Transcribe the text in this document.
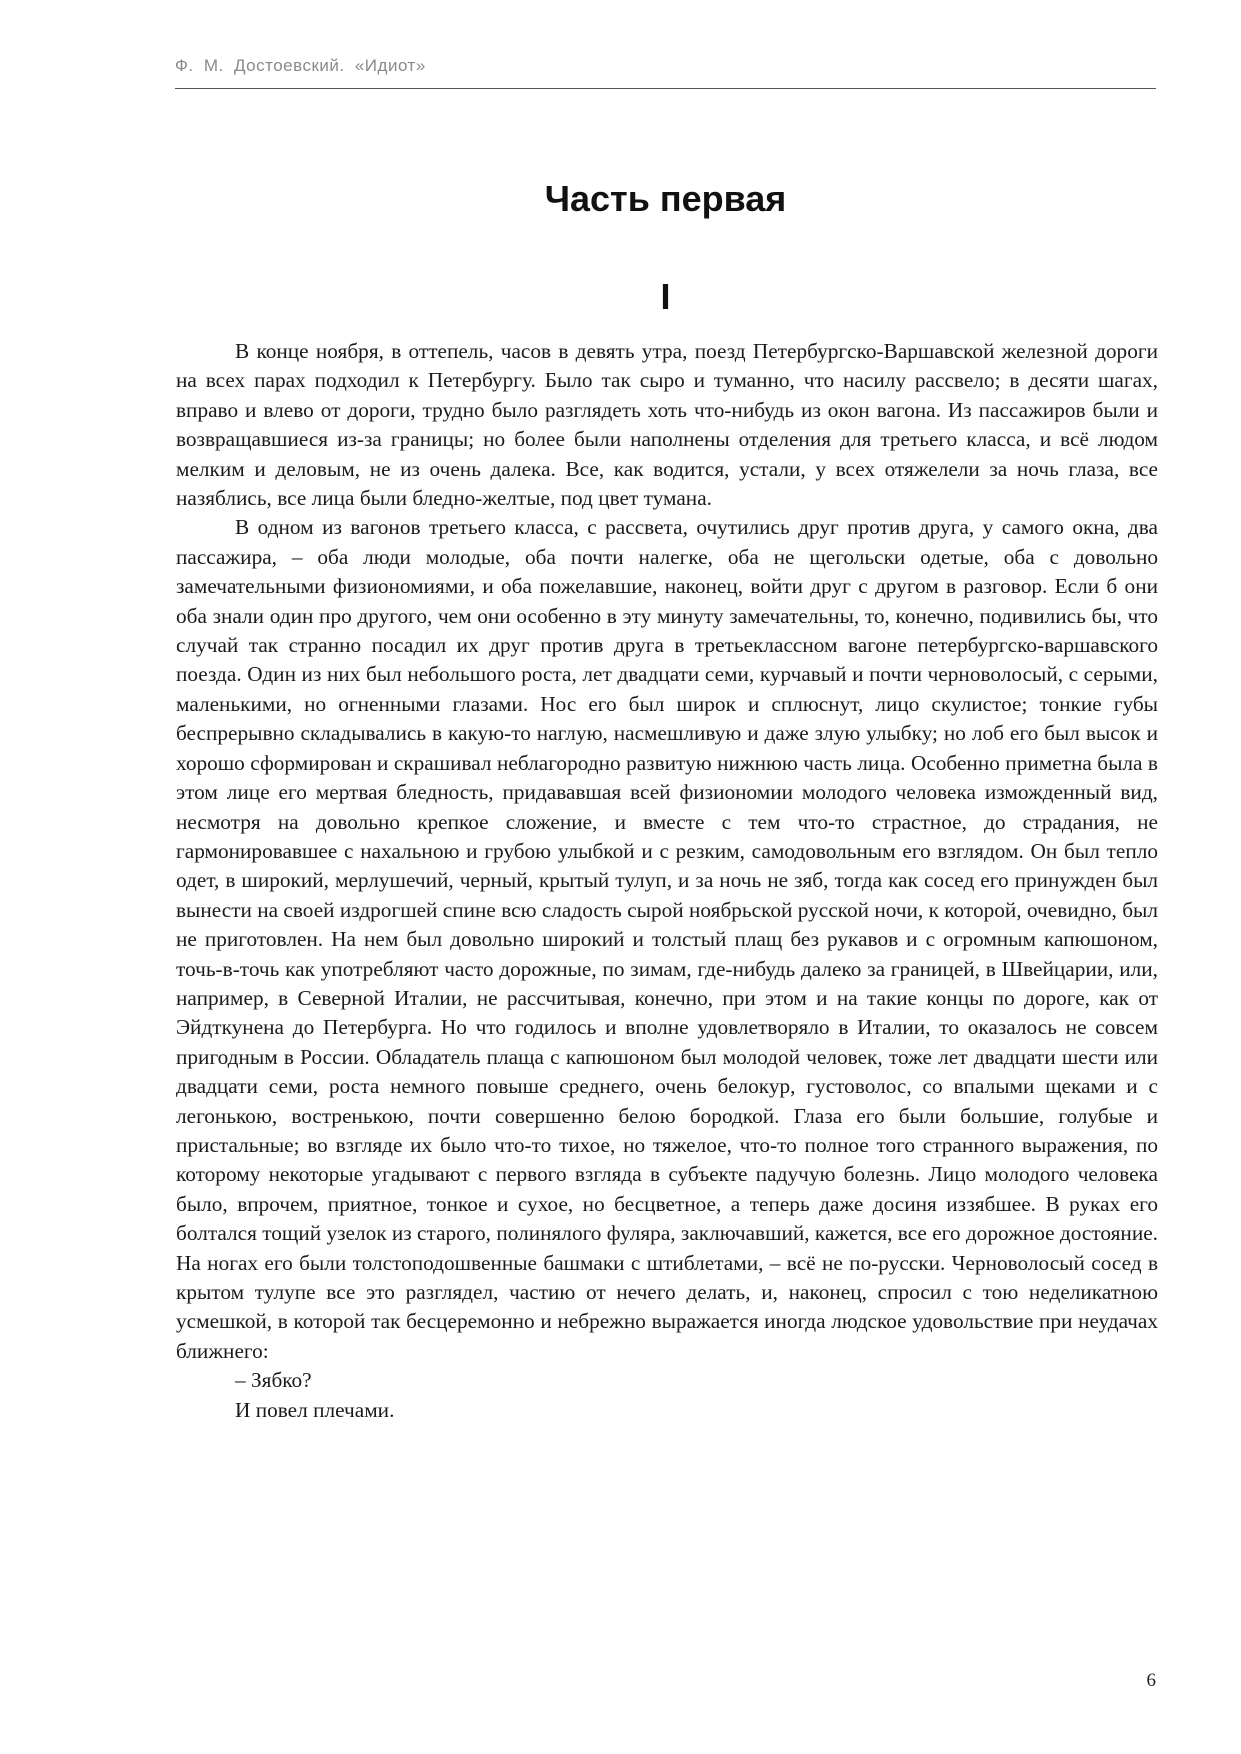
Ф. М. Достоевский. «Идиот»
Часть первая
I

В конце ноября, в оттепель, часов в девять утра, поезд Петербургско-Варшавской железной дороги на всех парах подходил к Петербургу. Было так сыро и туманно, что насилу рассвело; в десяти шагах, вправо и влево от дороги, трудно было разглядеть хоть что-нибудь из окон вагона. Из пассажиров были и возвращавшиеся из-за границы; но более были наполнены отделения для третьего класса, и всё людом мелким и деловым, не из очень далека. Все, как водится, устали, у всех отяжелели за ночь глаза, все назяблись, все лица были бледно-желтые, под цвет тумана.

В одном из вагонов третьего класса, с рассвета, очутились друг против друга, у самого окна, два пассажира, – оба люди молодые, оба почти налегке, оба не щегольски одетые, оба с довольно замечательными физиономиями, и оба пожелавшие, наконец, войти друг с другом в разговор. Если б они оба знали один про другого, чем они особенно в эту минуту замечательны, то, конечно, подивились бы, что случай так странно посадил их друг против друга в третьеклассном вагоне петербургско-варшавского поезда. Один из них был небольшого роста, лет двадцати семи, курчавый и почти черноволосый, с серыми, маленькими, но огненными глазами. Нос его был широк и сплюснут, лицо скулистое; тонкие губы беспрерывно складывались в какую-то наглую, насмешливую и даже злую улыбку; но лоб его был высок и хорошо сформирован и скрашивал неблагородно развитую нижнюю часть лица. Особенно приметна была в этом лице его мертвая бледность, придававшая всей физиономии молодого человека изможденный вид, несмотря на довольно крепкое сложение, и вместе с тем что-то страстное, до страдания, не гармонировавшее с нахальною и грубою улыбкой и с резким, самодовольным его взглядом. Он был тепло одет, в широкий, мерлушечий, черный, крытый тулуп, и за ночь не зяб, тогда как сосед его принужден был вынести на своей издрогшей спине всю сладость сырой ноябрьской русской ночи, к которой, очевидно, был не приготовлен. На нем был довольно широкий и толстый плащ без рукавов и с огромным капюшоном, точь-в-точь как употребляют часто дорожные, по зимам, где-нибудь далеко за границей, в Швейцарии, или, например, в Северной Италии, не рассчитывая, конечно, при этом и на такие концы по дороге, как от Эйдткунена до Петербурга. Но что годилось и вполне удовлетворяло в Италии, то оказалось не совсем пригодным в России. Обладатель плаща с капюшоном был молодой человек, тоже лет двадцати шести или двадцати семи, роста немного повыше среднего, очень белокур, густоволос, со впалыми щеками и с легонькою, востренькою, почти совершенно белою бородкой. Глаза его были большие, голубые и пристальные; во взгляде их было что-то тихое, но тяжелое, что-то полное того странного выражения, по которому некоторые угадывают с первого взгляда в субъекте падучую болезнь. Лицо молодого человека было, впрочем, приятное, тонкое и сухое, но бесцветное, а теперь даже досиня иззябшее. В руках его болтался тощий узелок из старого, полинялого фуляра, заключавший, кажется, все его дорожное достояние. На ногах его были толстоподошвенные башмаки с штиблетами, – всё не по-русски. Черноволосый сосед в крытом тулупе все это разглядел, частию от нечего делать, и, наконец, спросил с тою неделикатною усмешкой, в которой так бесцеремонно и небрежно выражается иногда людское удовольствие при неудачах ближнего:

– Зябко?

И повел плечами.

6
